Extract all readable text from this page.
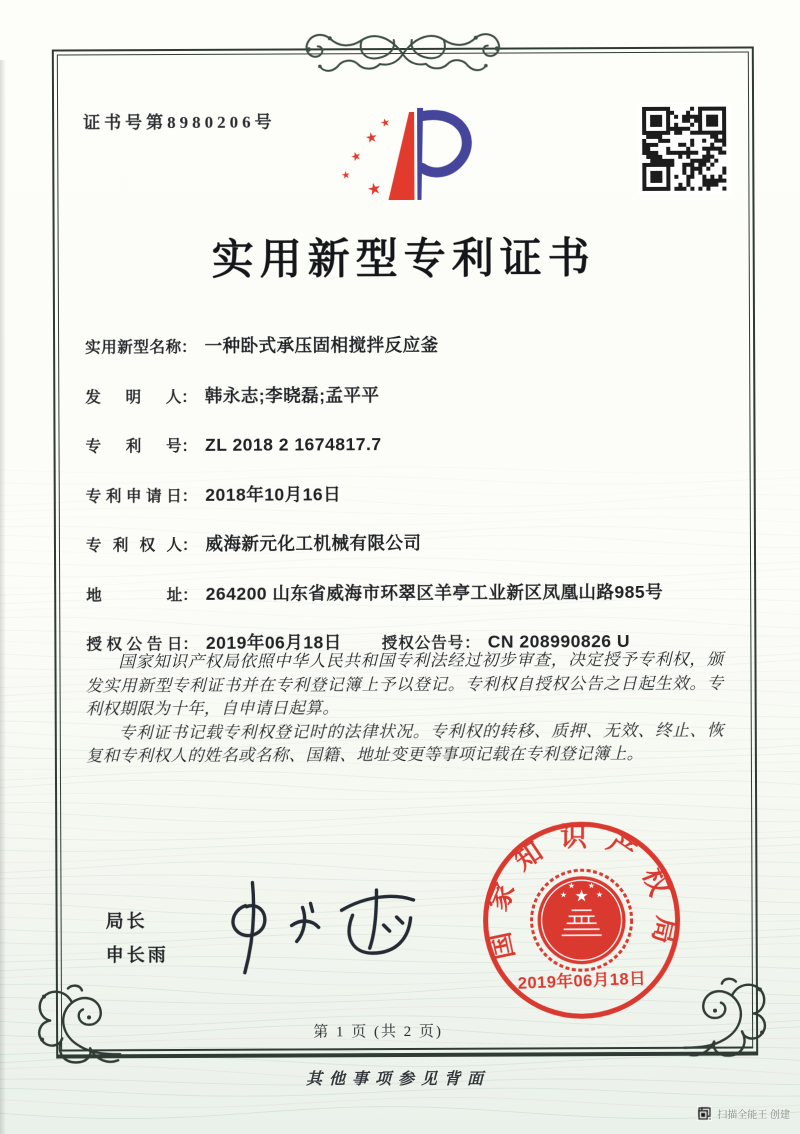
证书号第8980206号	★
★
★
★
★
实用新型专利证书
实用新型名称： 一种卧式承压固相搅拌反应釜
发明人： 韩永志;李晓磊;孟平平
专利号： ZL 2018 2 1674817.7
专利申请日： 2018年10月16日
专利权人： 威海新元化工机械有限公司
地址： 264200 山东省威海市环翠区羊亭工业新区凤凰山路985号
授权公告日： 2019年06月18日	授权公告号： CN 208990826 U

国家知识产权局依照中华人民共和国专利法经过初步审查，决定授予专利权，颁发实用新型专利证书并在专利登记簿上予以登记。专利权自授权公告之日起生效。专利权期限为十年，自申请日起算。

专利证书记载专利权登记时的法律状况。专利权的转移、质押、无效、终止、恢复和专利权人的姓名或名称、国籍、地址变更等事项记载在专利登记簿上。

局长
申长雨	国家知识产权局
★
★
★ ★
★
2019年06月18日
第 1 页 (共 2 页)
其他事项参见背面
扫描全能王 创建
